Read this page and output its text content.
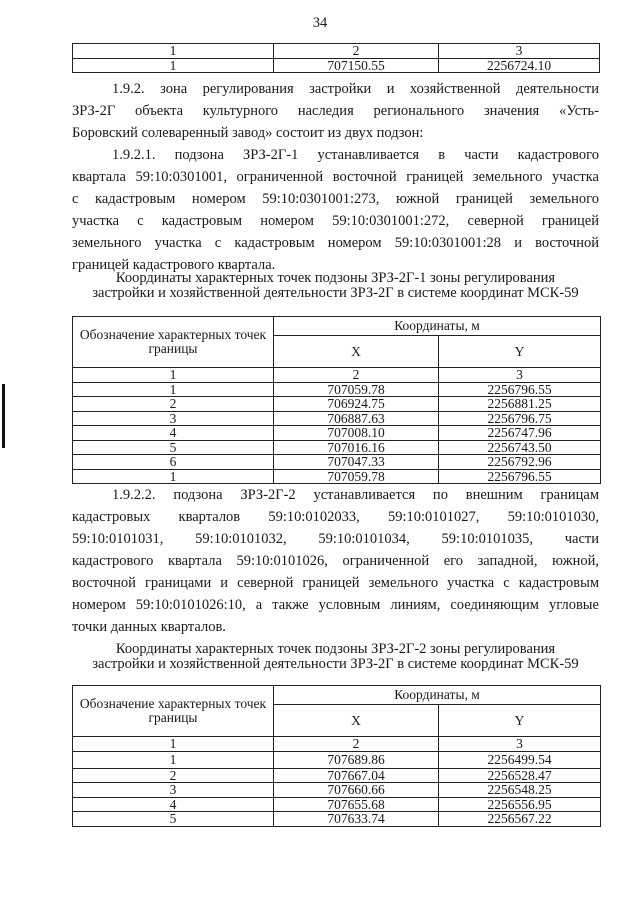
34
1	2	3
1	707150.55	2256724.10
1.9.2. зона регулирования застройки и хозяйственной деятельности
ЗРЗ-2Г объекта культурного наследия регионального значения «Усть-
Боровский солеваренный завод» состоит из двух подзон:
1.9.2.1. подзона ЗРЗ-2Г-1 устанавливается в части кадастрового
квартала 59:10:0301001, ограниченной восточной границей земельного участка
с кадастровым номером 59:10:0301001:273, южной границей земельного
участка с кадастровым номером 59:10:0301001:272, северной границей
земельного участка с кадастровым номером 59:10:0301001:28 и восточной
границей кадастрового квартала.
Координаты характерных точек подзоны ЗРЗ-2Г-1 зоны регулирования
застройки и хозяйственной деятельности ЗРЗ-2Г в системе координат МСК-59
Обозначение характерных точек границы	Координаты, м	
	X	Y
1	2	3
1	707059.78	2256796.55
2	706924.75	2256881.25
3	706887.63	2256796.75
4	707008.10	2256747.96
5	707016.16	2256743.50
6	707047.33	2256792.96
1	707059.78	2256796.55
1.9.2.2. подзона ЗРЗ-2Г-2 устанавливается по внешним границам
кадастровых кварталов 59:10:0102033, 59:10:0101027, 59:10:0101030,
59:10:0101031, 59:10:0101032, 59:10:0101034, 59:10:0101035, части
кадастрового квартала 59:10:0101026, ограниченной его западной, южной,
восточной границами и северной границей земельного участка с кадастровым
номером 59:10:0101026:10, а также условным линиям, соединяющим угловые
точки данных кварталов.
Координаты характерных точек подзоны ЗРЗ-2Г-2 зоны регулирования
застройки и хозяйственной деятельности ЗРЗ-2Г в системе координат МСК-59
Обозначение характерных точек границы	Координаты, м	
	X	Y
1	2	3
1	707689.86	2256499.54
2	707667.04	2256528.47
3	707660.66	2256548.25
4	707655.68	2256556.95
5	707633.74	2256567.22
